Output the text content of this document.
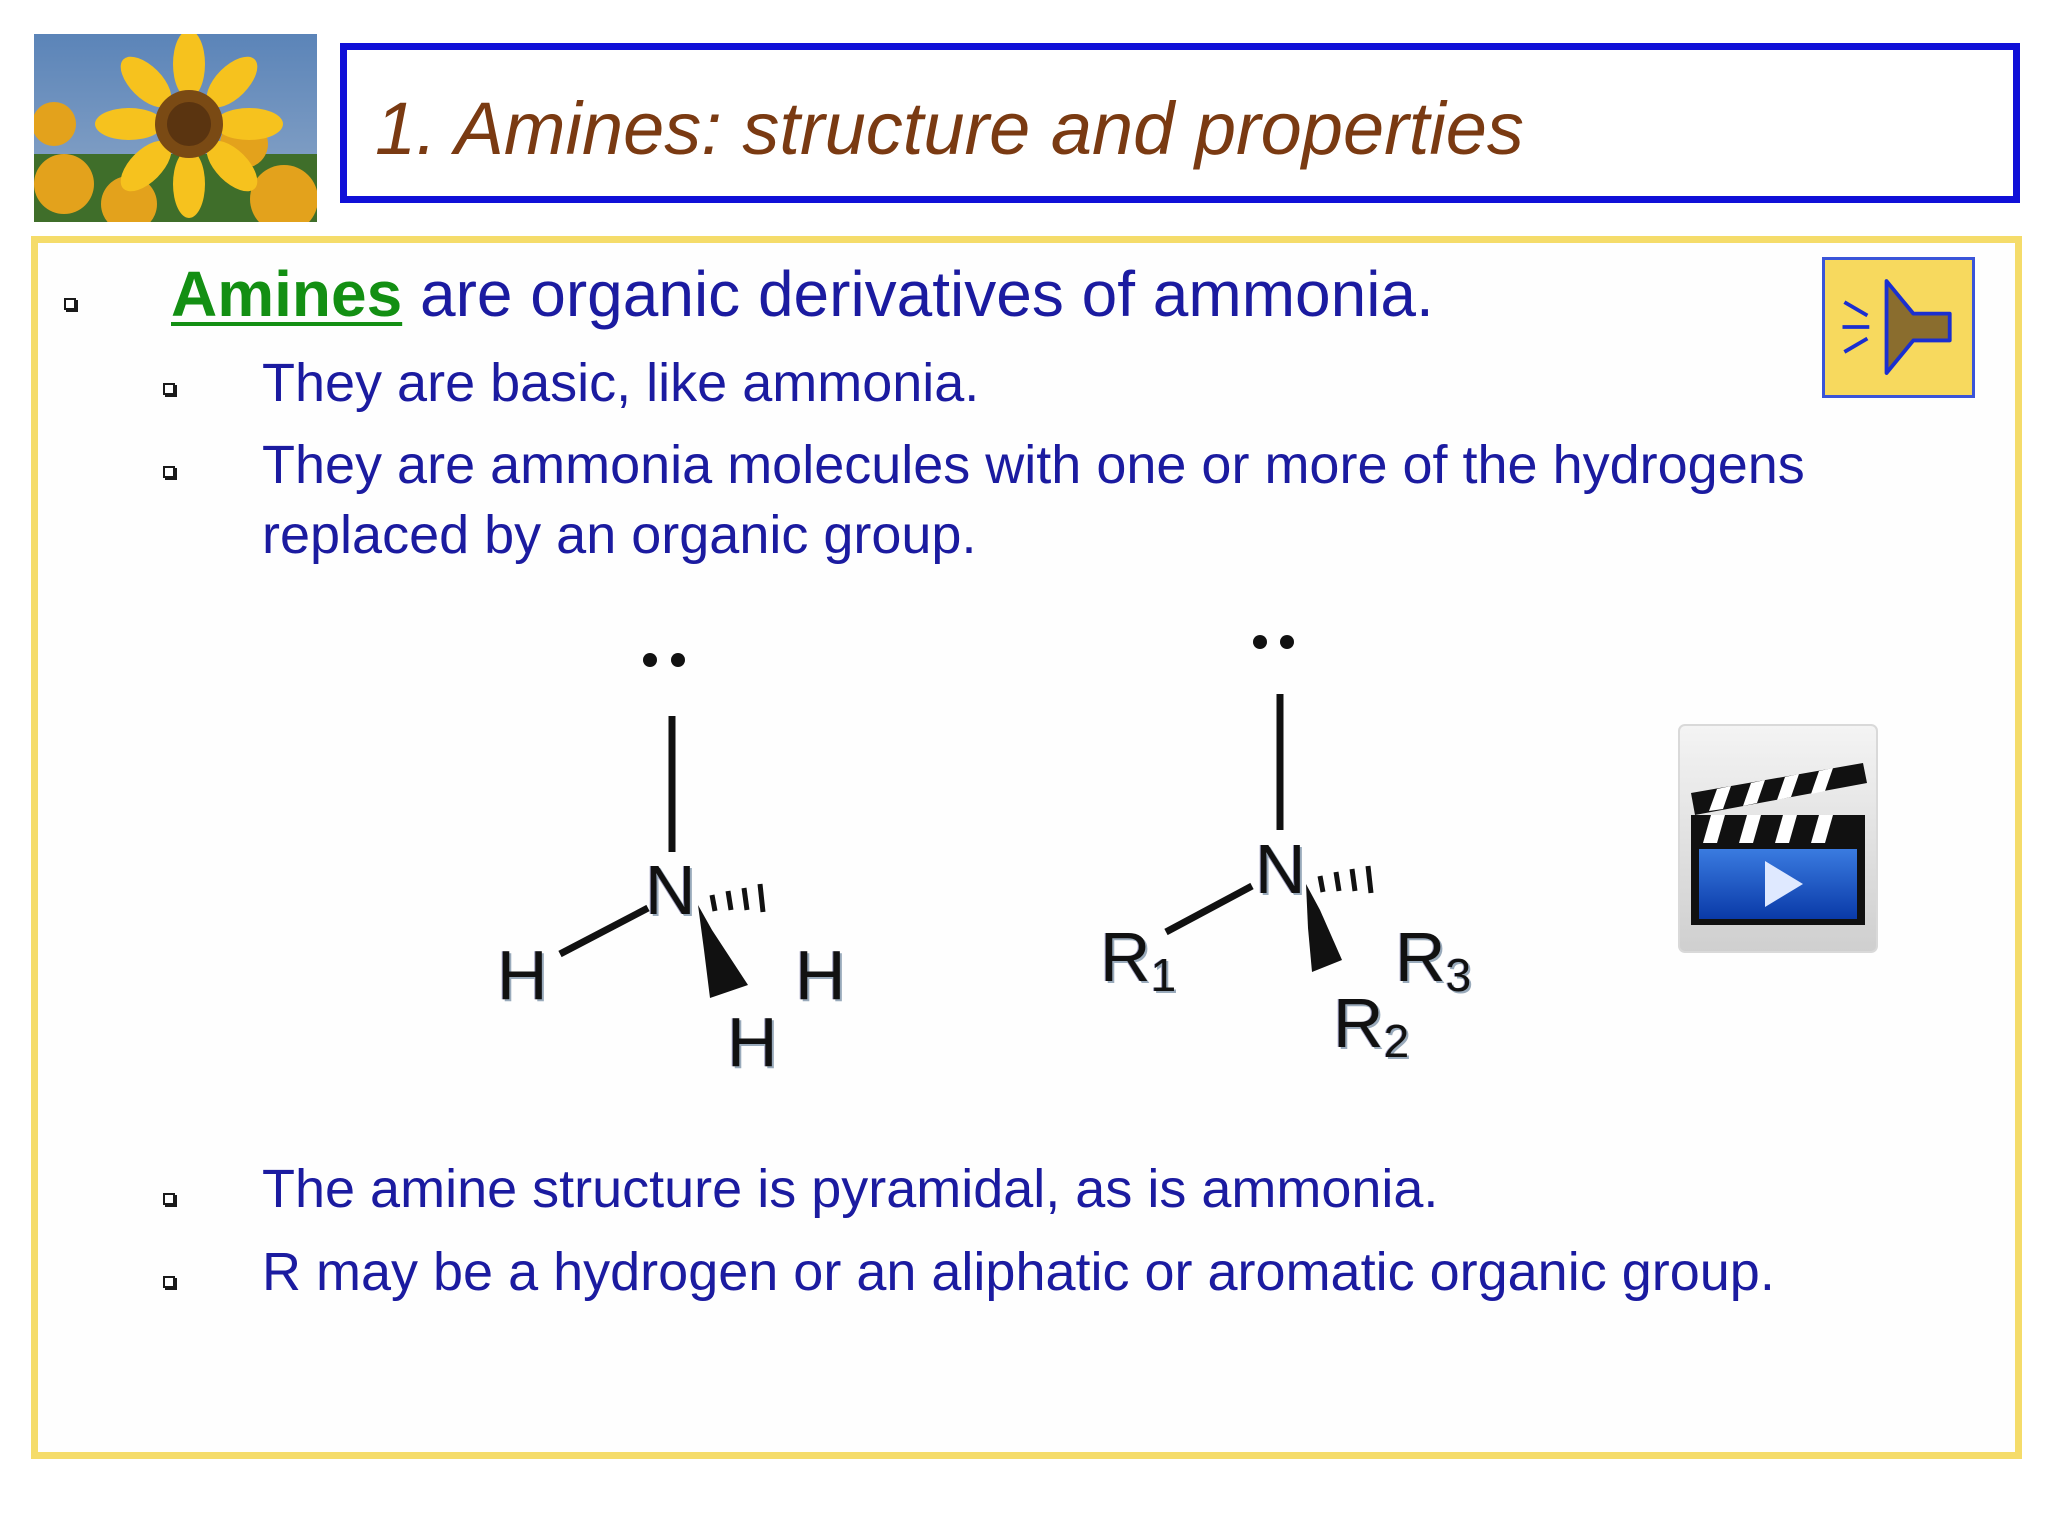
1. Amines: structure and properties
Amines are organic derivatives of ammonia.
They are basic, like ammonia.
They are ammonia molecules with one or more of the hydrogens
replaced by an organic group.
The amine structure is pyramidal, as is ammonia.
R may be a hydrogen or an aliphatic or aromatic organic group.
N
H	H
H
N
$R_1$	$R_3$
$R_2$
